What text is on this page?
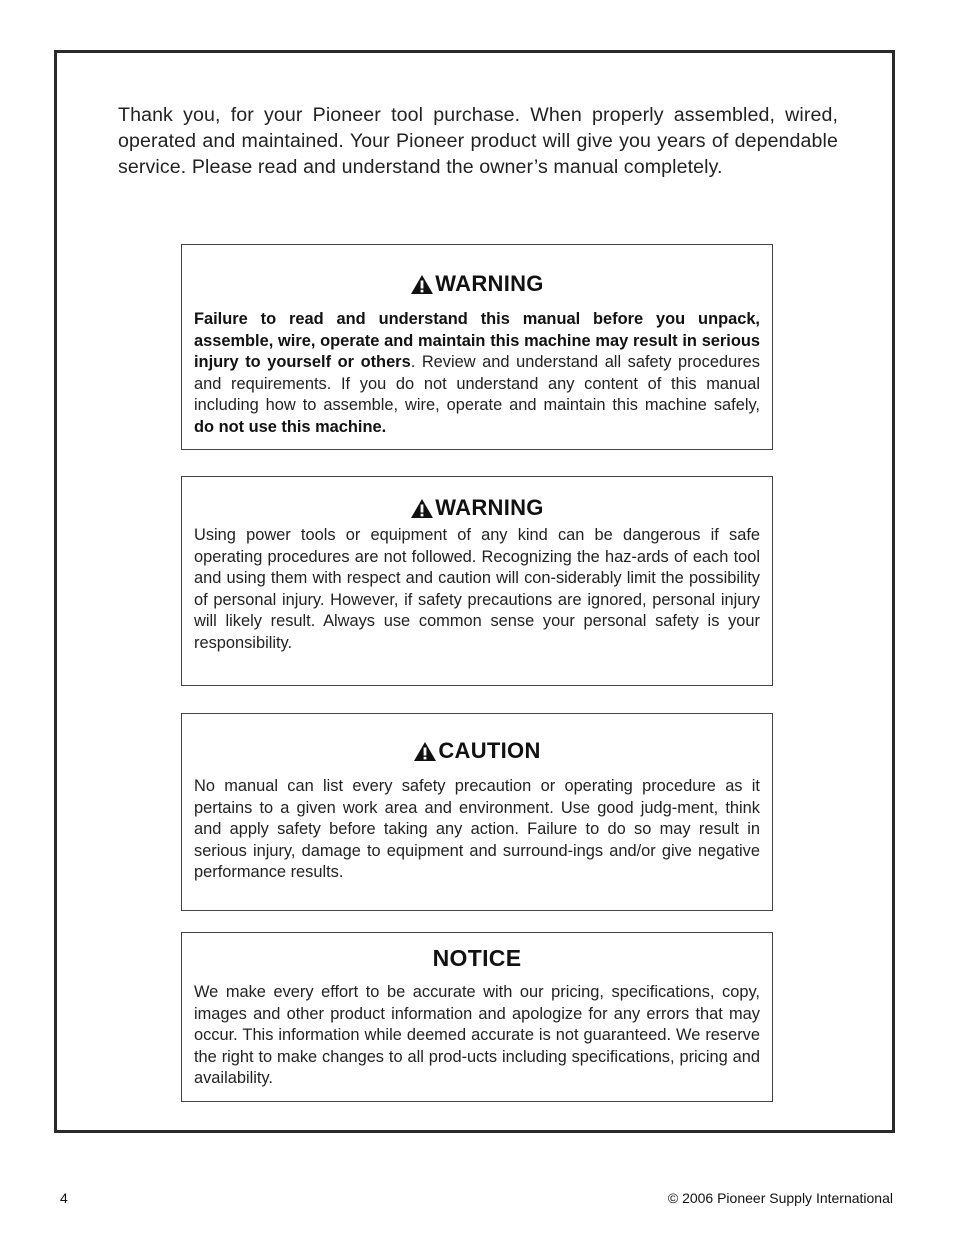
Thank you, for your Pioneer tool purchase. When properly assembled, wired, operated and maintained. Your Pioneer product will give you years of dependable service. Please read and understand the owner’s manual completely.

WARNING

Failure to read and understand this manual before you unpack, assemble, wire, operate and maintain this machine may result in serious injury to yourself or others. Review and understand all safety procedures and requirements. If you do not understand any content of this manual including how to assemble, wire, operate and maintain this machine safely, do not use this machine.

WARNING

Using power tools or equipment of any kind can be dangerous if safe operating procedures are not followed. Recognizing the haz-ards of each tool and using them with respect and caution will con-siderably limit the possibility of personal injury. However, if safety precautions are ignored, personal injury will likely result. Always use common sense your personal safety is your responsibility.

CAUTION

No manual can list every safety precaution or operating procedure as it pertains to a given work area and environment. Use good judg-ment, think and apply safety before taking any action. Failure to do so may result in serious injury, damage to equipment and surround-ings and/or give negative performance results.

NOTICE

We make every effort to be accurate with our pricing, specifications, copy, images and other product information and apologize for any errors that may occur. This information while deemed accurate is not guaranteed. We reserve the right to make changes to all prod-ucts including specifications, pricing and availability.

4	© 2006 Pioneer Supply International
